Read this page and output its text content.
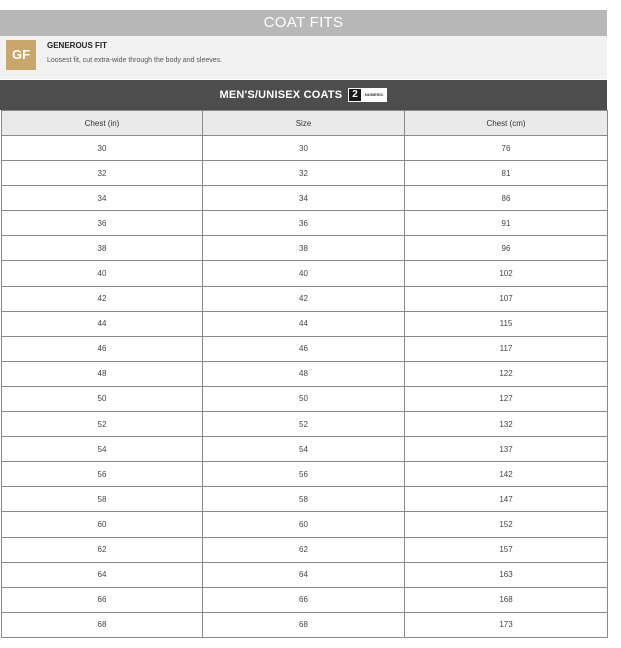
COAT FITS
GF
GENEROUS FIT
Loosest fit, cut extra-wide through the body and sleeves.
MEN'S/UNISEX COATS	2	NUMERIC
Chest (in)	Size	Chest (cm)
30	30	76
32	32	81
34	34	86
36	36	91
38	38	96
40	40	102
42	42	107
44	44	115
46	46	117
48	48	122
50	50	127
52	52	132
54	54	137
56	56	142
58	58	147
60	60	152
62	62	157
64	64	163
66	66	168
68	68	173
